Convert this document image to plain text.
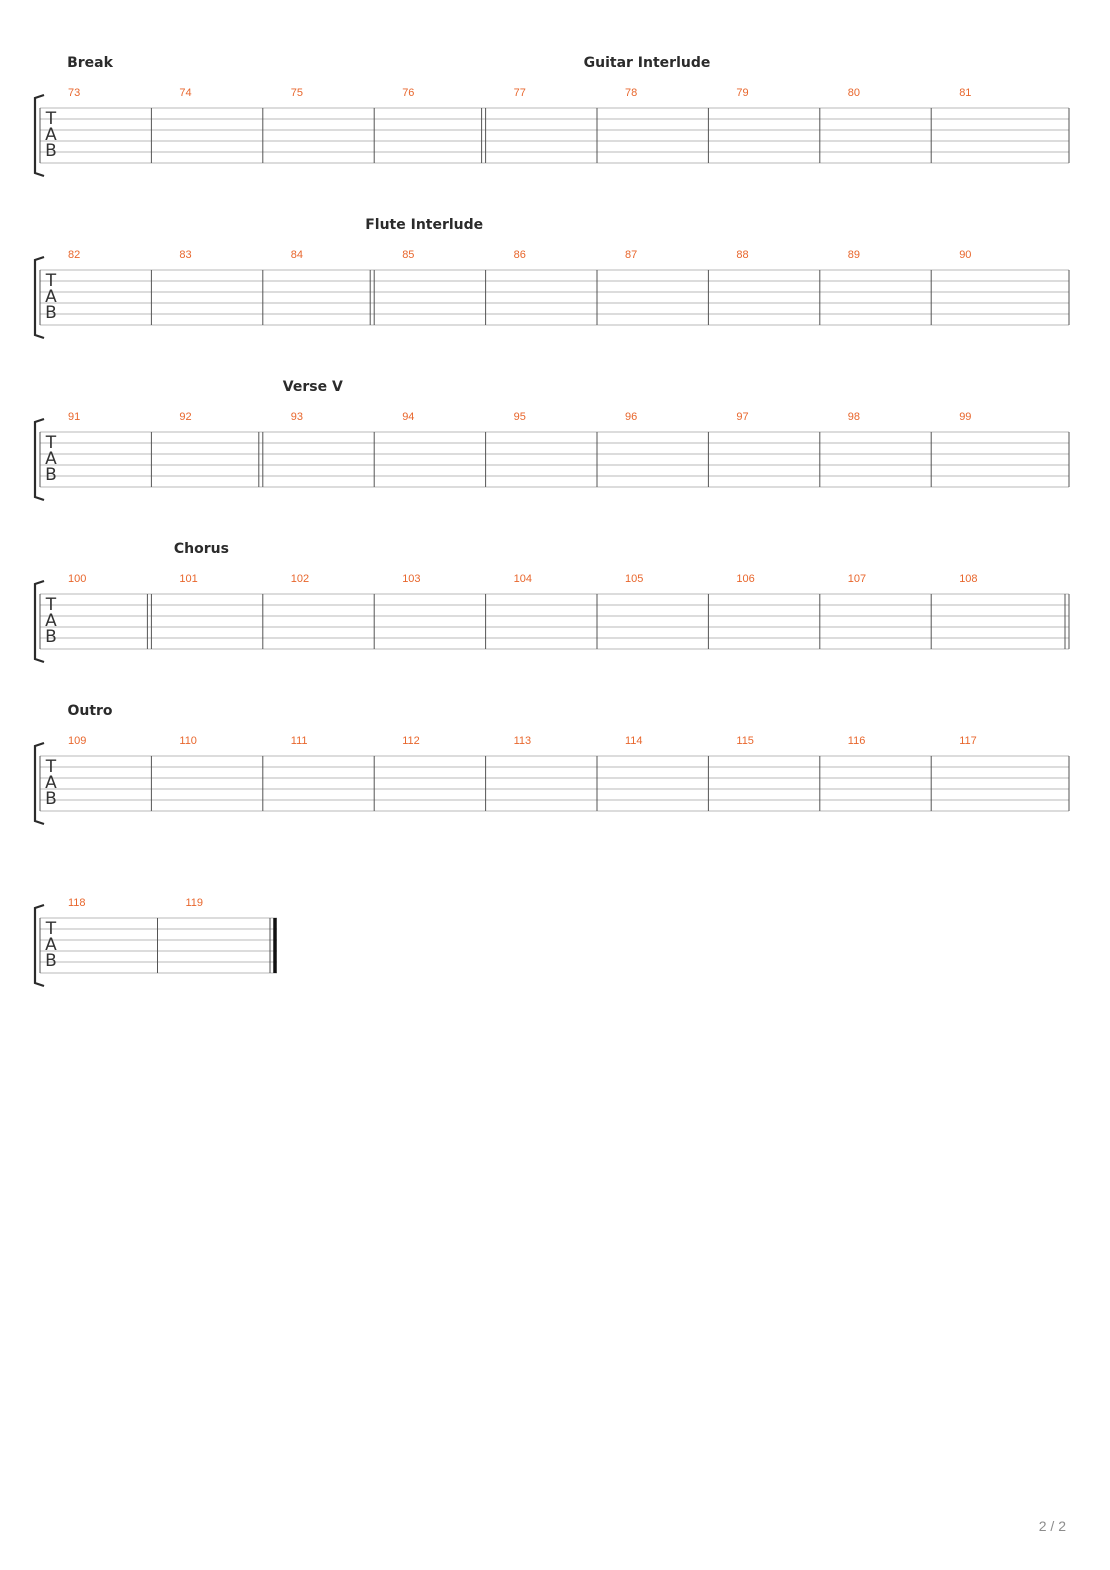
T
A
B
73	74	75	76	77	78	79	80	81
Break	Guitar Interlude
T
A
B
82	83	84	85	86	87	88	89	90
Flute Interlude
T
A
B
91	92	93	94	95	96	97	98	99
Verse V
T
A
B
100	101	102	103	104	105	106	107	108
Chorus
T
A
B
109	110	111	112	113	114	115	116	117
Outro
T
A
B
118	119
2 / 2
